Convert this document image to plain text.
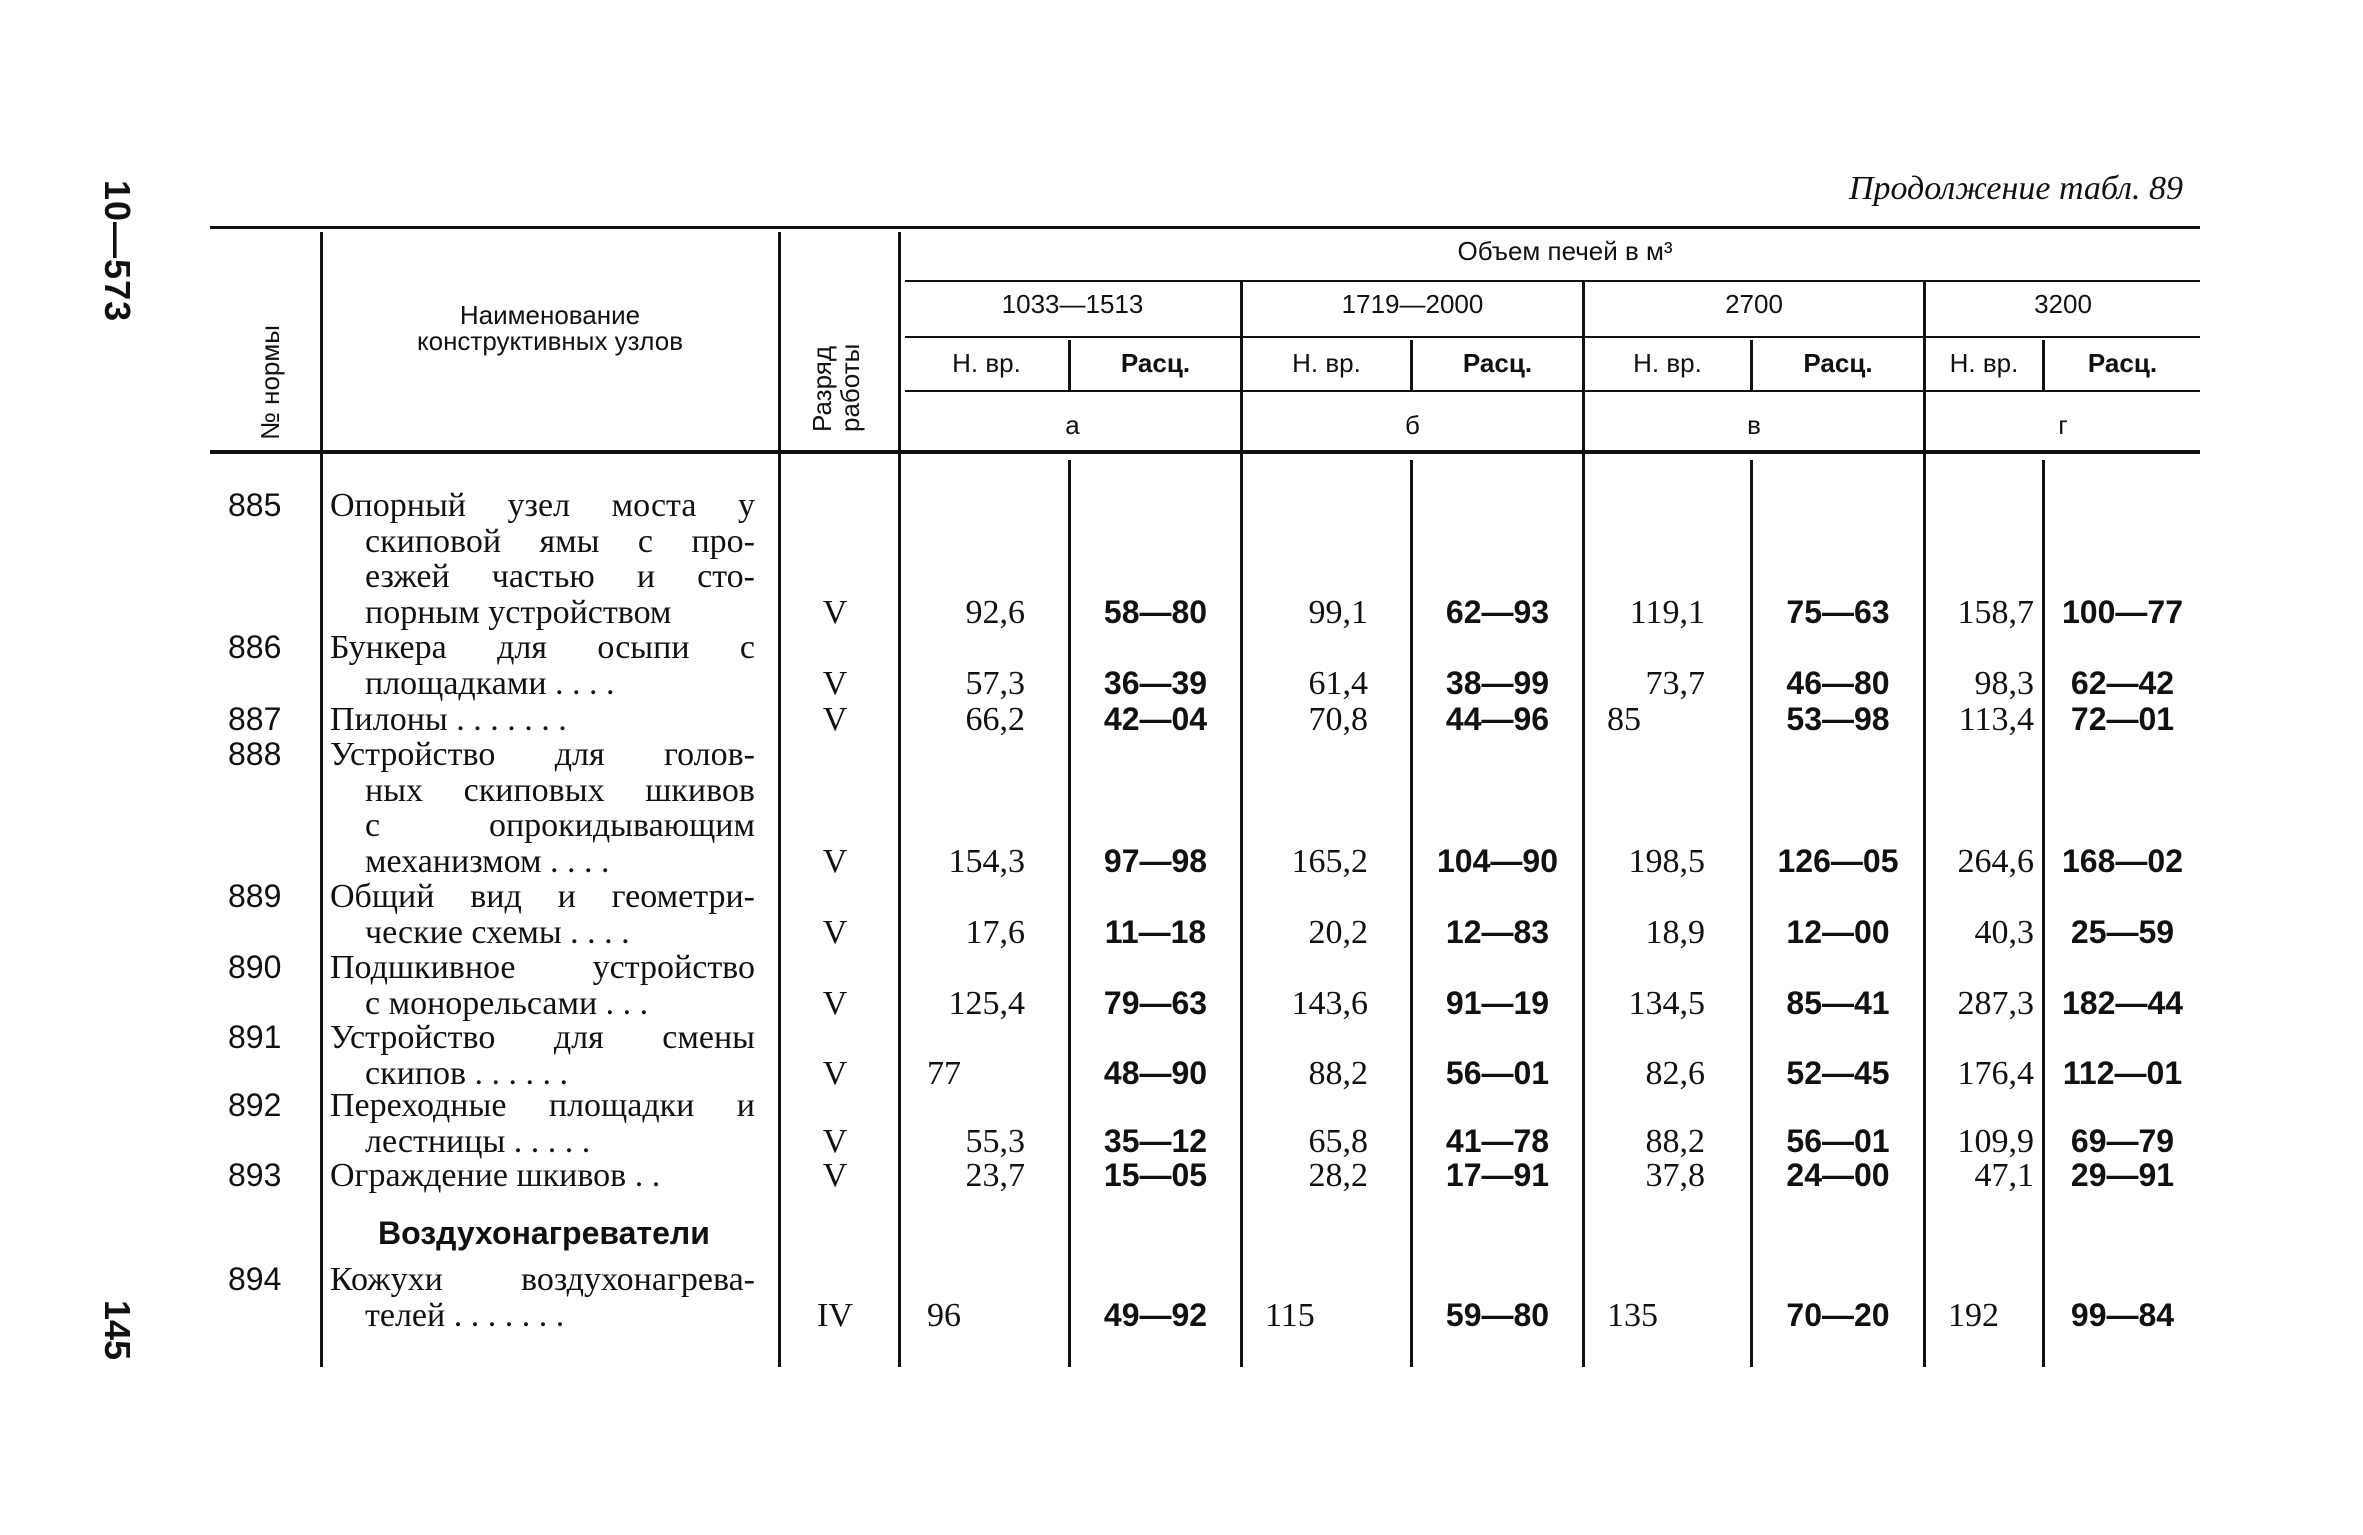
10—573
145
Продолжение табл. 89
№ нормы
Наименование конструктивных узлов
Разряд
работы
Объем печей в м³
1033—1513	1719—2000	2700	3200
Н. вр.	Расц.	Н. вр.	Расц.	Н. вр.	Расц.	Н. вр.	Расц.
а	б	в	г
885 Опорный узел моста у
скиповой ямы с про-
езжей частью и сто-
порным устройством	V	92,6	58—80	99,1	62—93	119,1	75—63	158,7 100—77
886 Бункера для осыпи с
площадками . . . .	V	57,3	36—39	61,4	38—99	73,7	46—80	98,3	62—42
887 Пилоны . . . . . . .	V	66,2	42—04	70,8	44—96	85	53—98	113,4	72—01
888 Устройство для голов-
ных скиповых шкивов
с опрокидывающим
механизмом . . . .	V	154,3	97—98	165,2	104—90	198,5	126—05	264,6 168—02
889 Общий вид и геометри-
ческие схемы . . . .	V	17,6	11—18	20,2	12—83	18,9	12—00	40,3	25—59
890 Подшкивное устройство
с монорельсами . . .	V	125,4	79—63	143,6	91—19	134,5	85—41	287,3 182—44
891 Устройство для смены
скипов . . . . . .	V	77	48—90	88,2	56—01	82,6	52—45	176,4 112—01
892 Переходные площадки и
лестницы . . . . .	V	55,3	35—12	65,8	41—78	88,2	56—01	109,9	69—79
893 Ограждение шкивов . .	V	23,7	15—05	28,2	17—91	37,8	24—00	47,1	29—91
894 Кожухи воздухонагрева-
телей . . . . . . .	IV	96	49—92	115	59—80	135	70—20	192	99—84
Воздухонагреватели
